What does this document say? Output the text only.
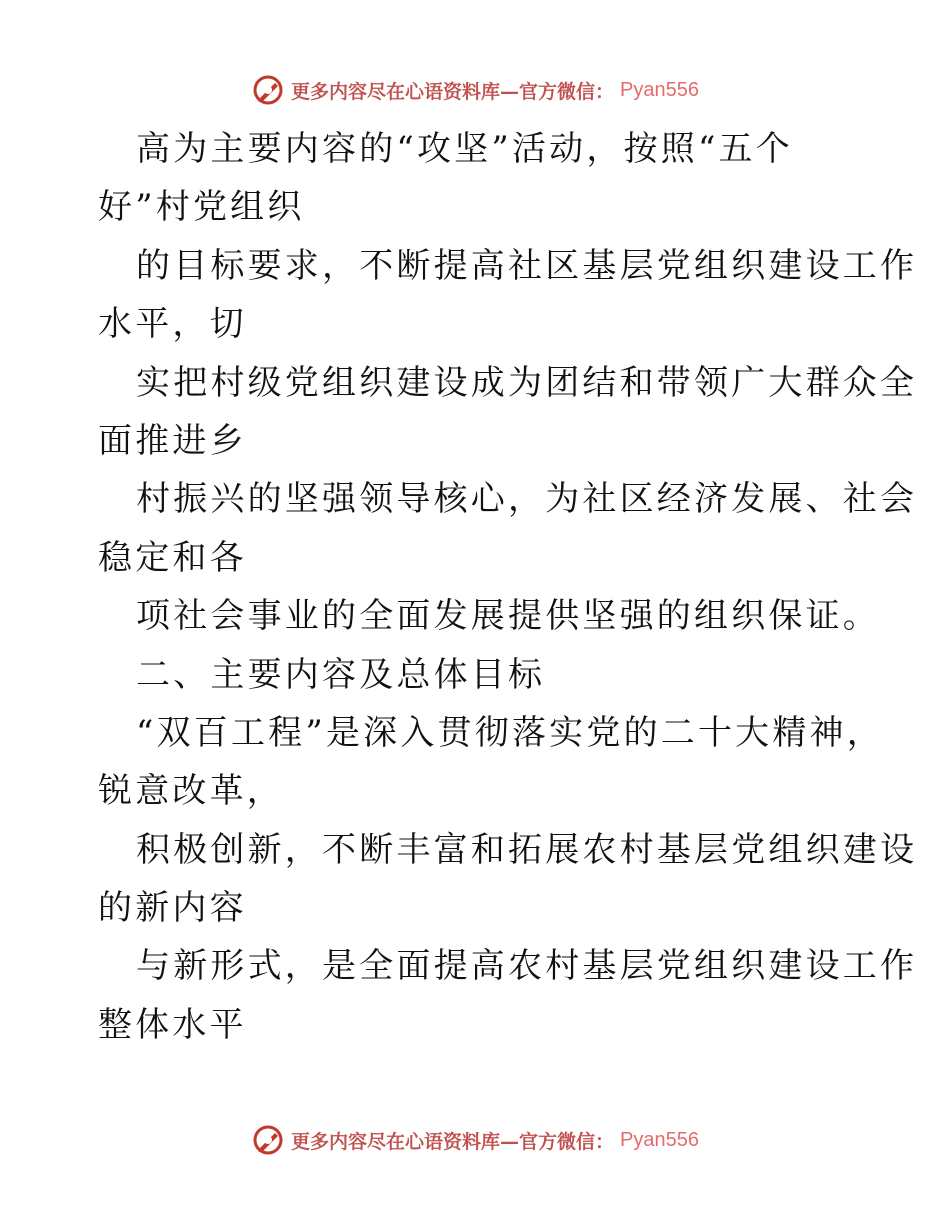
更多内容尽在心语资料库—官方微信： Pyan556
高为主要内容的“攻坚”活动，按照“五个
好”村党组织
的目标要求，不断提高社区基层党组织建设工作
水平，切
实把村级党组织建设成为团结和带领广大群众全
面推进乡
村振兴的坚强领导核心，为社区经济发展、社会
稳定和各
项社会事业的全面发展提供坚强的组织保证。
二、主要内容及总体目标
“双百工程”是深入贯彻落实党的二十大精神，
锐意改革，
积极创新，不断丰富和拓展农村基层党组织建设
的新内容
与新形式，是全面提高农村基层党组织建设工作
整体水平
更多内容尽在心语资料库—官方微信： Pyan556
